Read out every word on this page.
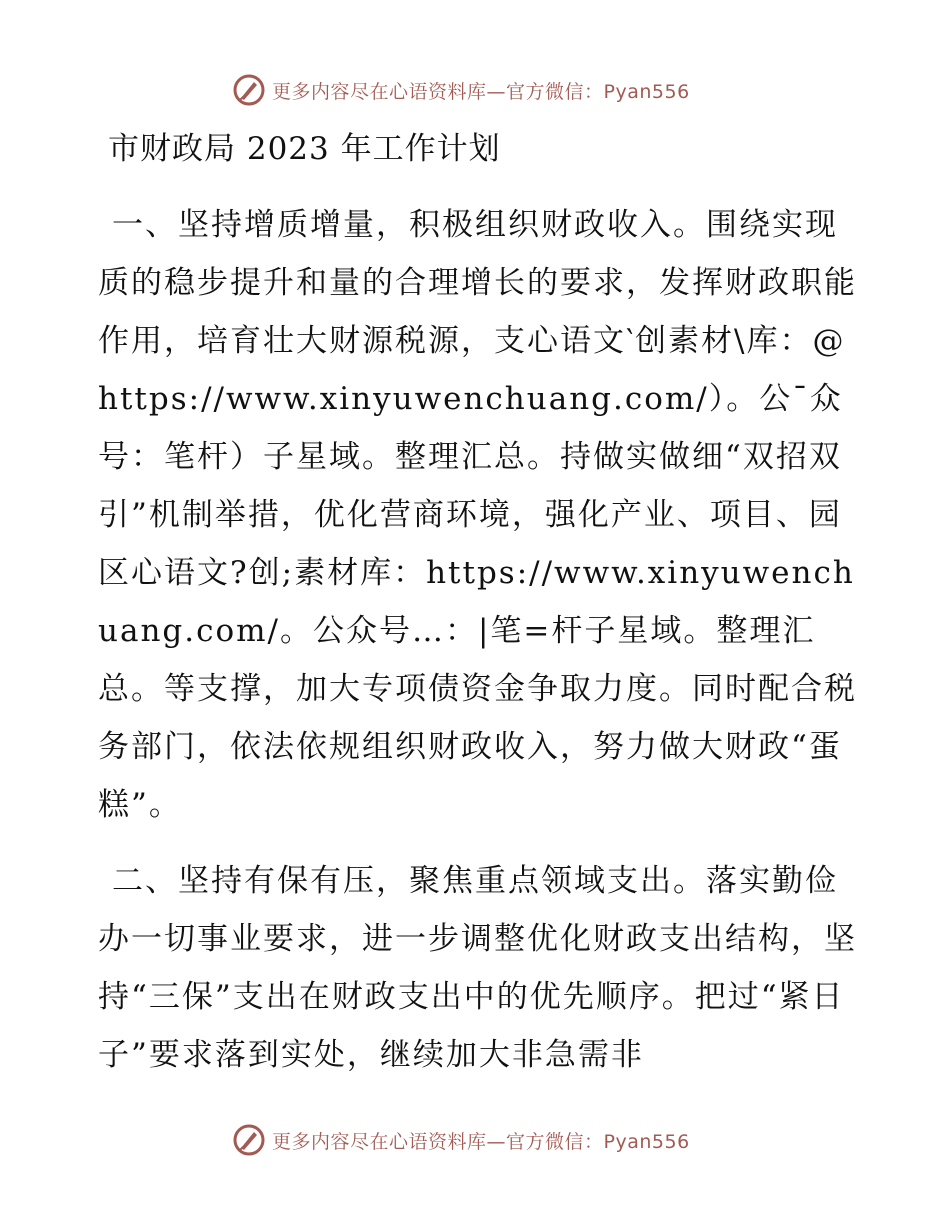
更多内容尽在心语资料库—官方微信：Pyan556
市财政局 2023 年工作计划

一、坚持增质增量，积极组织财政收入。围绕实现质的稳步提升和量的合理增长的要求，发挥财政职能作用，培育壮大财源税源，支心语文‵创素材\库：@https://www.xinyuwenchuang.com/）。公¯众号：笔杆）子星域。整理汇总。持做实做细“双招双引”机制举措，优化营商环境，强化产业、项目、园区心语文?创;素材库：https://www.xinyuwenchuang.com/。公众号…：|笔=杆子星域。整理汇总。等支撑，加大专项债资金争取力度。同时配合税务部门，依法依规组织财政收入，努力做大财政“蛋糕”。

二、坚持有保有压，聚焦重点领域支出。落实勤俭办一切事业要求，进一步调整优化财政支出结构，坚持“三保”支出在财政支出中的优先顺序。把过“紧日子”要求落到实处，继续加大非急需非

更多内容尽在心语资料库—官方微信：Pyan556
